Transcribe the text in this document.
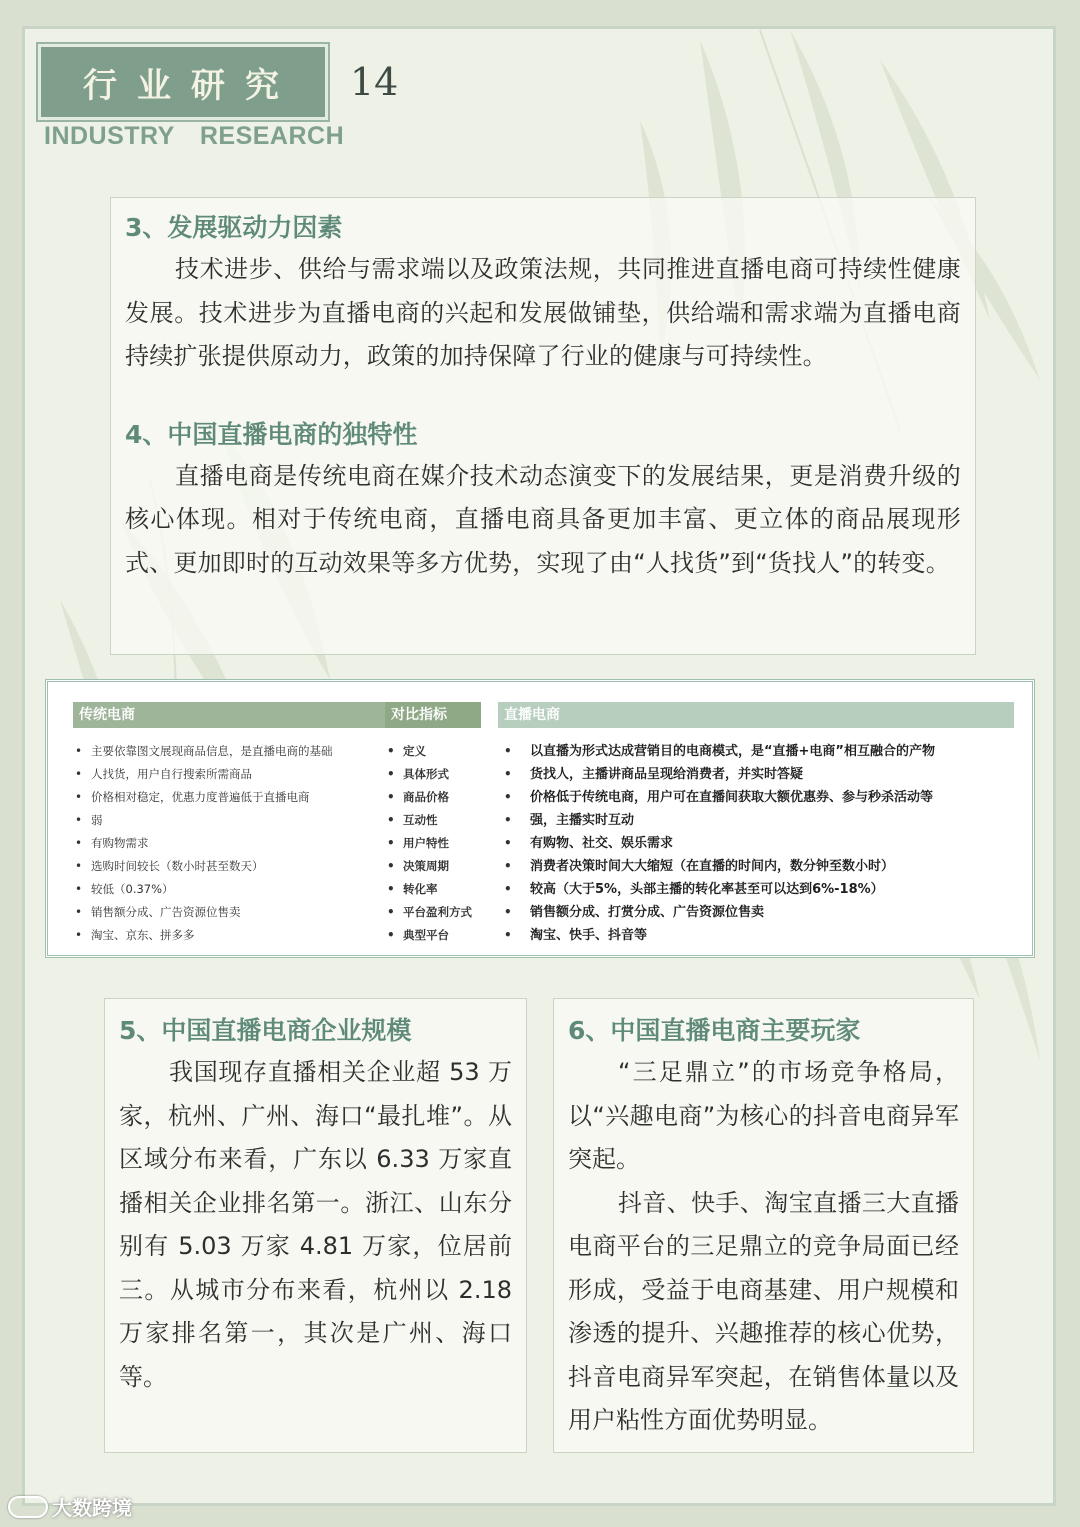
行业研究 14
INDUSTRY RESEARCH
3、发展驱动力因素

技术进步、供给与需求端以及政策法规，共同推进直播电商可持续性健康发展。技术进步为直播电商的兴起和发展做铺垫，供给端和需求端为直播电商持续扩张提供原动力，政策的加持保障了行业的健康与可持续性。

4、中国直播电商的独特性

直播电商是传统电商在媒介技术动态演变下的发展结果，更是消费升级的核心体现。相对于传统电商，直播电商具备更加丰富、更立体的商品展现形式、更加即时的互动效果等多方优势，实现了由“人找货”到“货找人”的转变。

传统电商
• 主要依靠图文展现商品信息，是直播电商的基础
• 人找货，用户自行搜索所需商品
• 价格相对稳定，优惠力度普遍低于直播电商
• 弱
• 有购物需求
• 选购时间较长（数小时甚至数天）
• 较低（0.37%）
• 销售额分成、广告资源位售卖
• 淘宝、京东、拼多多
对比指标
• 定义
• 具体形式
• 商品价格
• 互动性
• 用户特性
• 决策周期
• 转化率
• 平台盈利方式
• 典型平台
直播电商
• 以直播为形式达成营销目的电商模式，是“直播+电商”相互融合的产物
• 货找人，主播讲商品呈现给消费者，并实时答疑
• 价格低于传统电商，用户可在直播间获取大额优惠券、参与秒杀活动等
• 强，主播实时互动
• 有购物、社交、娱乐需求
• 消费者决策时间大大缩短（在直播的时间内，数分钟至数小时）
• 较高（大于5%，头部主播的转化率甚至可以达到6%-18%）
• 销售额分成、打赏分成、广告资源位售卖
• 淘宝、快手、抖音等
5、中国直播电商企业规模

我国现存直播相关企业超 53 万家，杭州、广州、海口“最扎堆”。从区域分布来看，广东以 6.33 万家直播相关企业排名第一。浙江、山东分别有 5.03 万家 4.81 万家，位居前三。从城市分布来看，杭州以 2.18 万家排名第一，其次是广州、海口等。

6、中国直播电商主要玩家

“三足鼎立”的市场竞争格局，以“兴趣电商”为核心的抖音电商异军突起。

抖音、快手、淘宝直播三大直播电商平台的三足鼎立的竞争局面已经形成，受益于电商基建、用户规模和渗透的提升、兴趣推荐的核心优势，抖音电商异军突起，在销售体量以及用户粘性方面优势明显。

大数跨境
